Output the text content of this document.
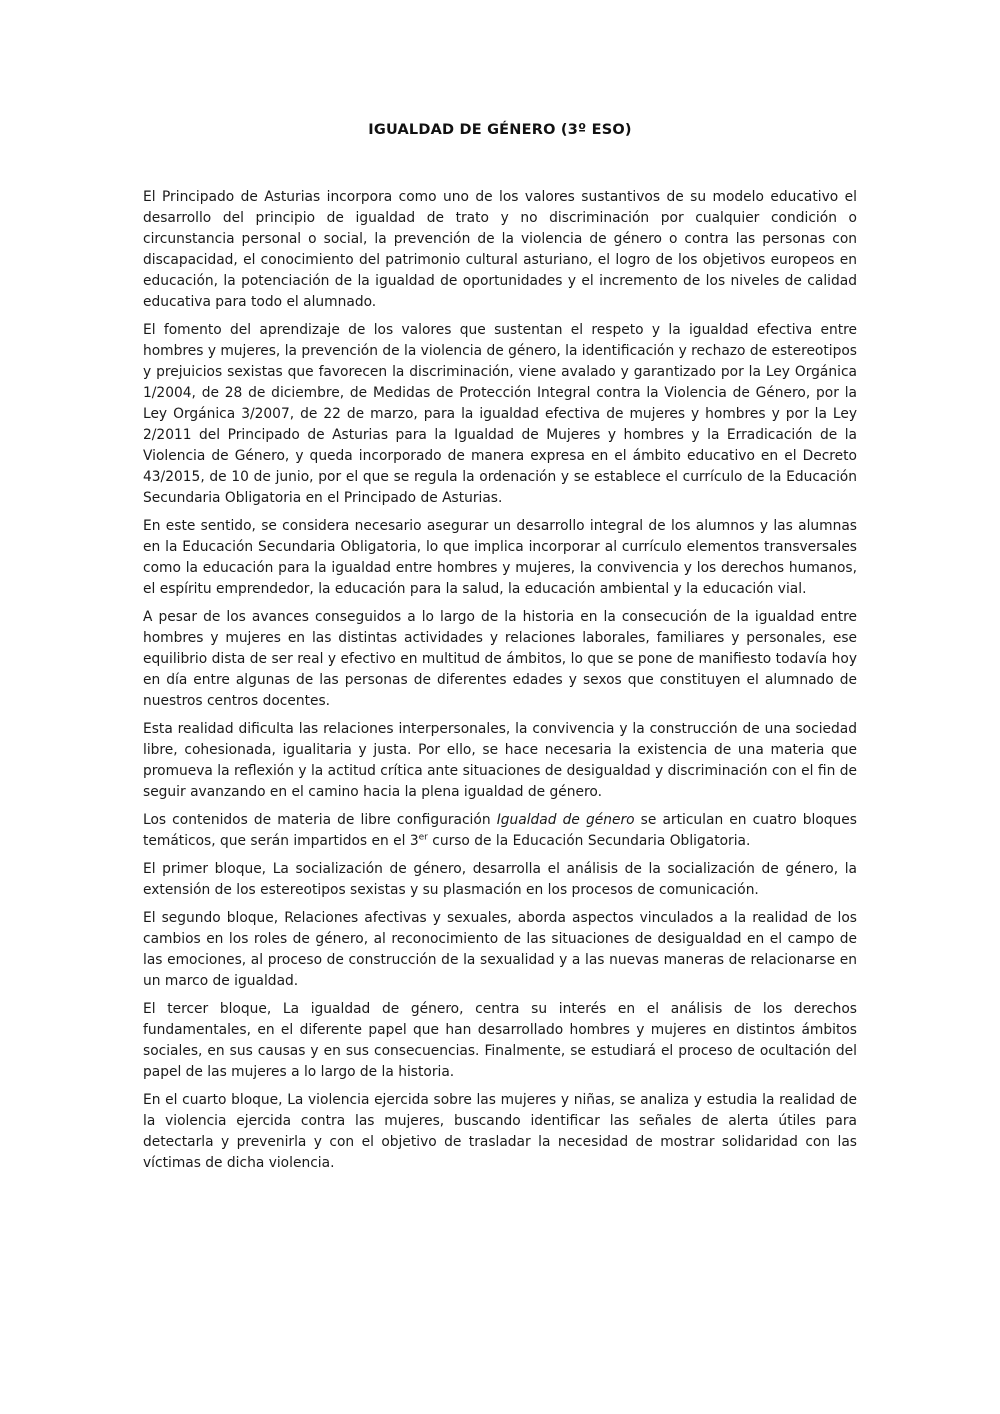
IGUALDAD DE GÉNERO (3º ESO)

El Principado de Asturias incorpora como uno de los valores sustantivos de su modelo educativo el desarrollo del principio de igualdad de trato y no discriminación por cualquier condición o circunstancia personal o social, la prevención de la violencia de género o contra las personas con discapacidad, el conocimiento del patrimonio cultural asturiano, el logro de los objetivos europeos en educación, la potenciación de la igualdad de oportunidades y el incremento de los niveles de calidad educativa para todo el alumnado.

El fomento del aprendizaje de los valores que sustentan el respeto y la igualdad efectiva entre hombres y mujeres, la prevención de la violencia de género, la identificación y rechazo de estereotipos y prejuicios sexistas que favorecen la discriminación, viene avalado y garantizado por la Ley Orgánica 1/2004, de 28 de diciembre, de Medidas de Protección Integral contra la Violencia de Género, por la Ley Orgánica 3/2007, de 22 de marzo, para la igualdad efectiva de mujeres y hombres y por la Ley 2/2011 del Principado de Asturias para la Igualdad de Mujeres y hombres y la Erradicación de la Violencia de Género, y queda incorporado de manera expresa en el ámbito educativo en el Decreto 43/2015, de 10 de junio, por el que se regula la ordenación y se establece el currículo de la Educación Secundaria Obligatoria en el Principado de Asturias.

En este sentido, se considera necesario asegurar un desarrollo integral de los alumnos y las alumnas en la Educación Secundaria Obligatoria, lo que implica incorporar al currículo elementos transversales como la educación para la igualdad entre hombres y mujeres, la convivencia y los derechos humanos, el espíritu emprendedor, la educación para la salud, la educación ambiental y la educación vial.

A pesar de los avances conseguidos a lo largo de la historia en la consecución de la igualdad entre hombres y mujeres en las distintas actividades y relaciones laborales, familiares y personales, ese equilibrio dista de ser real y efectivo en multitud de ámbitos, lo que se pone de manifiesto todavía hoy en día entre algunas de las personas de diferentes edades y sexos que constituyen el alumnado de nuestros centros docentes.

Esta realidad dificulta las relaciones interpersonales, la convivencia y la construcción de una sociedad libre, cohesionada, igualitaria y justa. Por ello, se hace necesaria la existencia de una materia que promueva la reflexión y la actitud crítica ante situaciones de desigualdad y discriminación con el fin de seguir avanzando en el camino hacia la plena igualdad de género.

Los contenidos de materia de libre configuración Igualdad de género se articulan en cuatro bloques temáticos, que serán impartidos en el 3er curso de la Educación Secundaria Obligatoria.

El primer bloque, La socialización de género, desarrolla el análisis de la socialización de género, la extensión de los estereotipos sexistas y su plasmación en los procesos de comunicación.

El segundo bloque, Relaciones afectivas y sexuales, aborda aspectos vinculados a la realidad de los cambios en los roles de género, al reconocimiento de las situaciones de desigualdad en el campo de las emociones, al proceso de construcción de la sexualidad y a las nuevas maneras de relacionarse en un marco de igualdad.

El tercer bloque, La igualdad de género, centra su interés en el análisis de los derechos fundamentales, en el diferente papel que han desarrollado hombres y mujeres en distintos ámbitos sociales, en sus causas y en sus consecuencias. Finalmente, se estudiará el proceso de ocultación del papel de las mujeres a lo largo de la historia.

En el cuarto bloque, La violencia ejercida sobre las mujeres y niñas, se analiza y estudia la realidad de la violencia ejercida contra las mujeres, buscando identificar las señales de alerta útiles para detectarla y prevenirla y con el objetivo de trasladar la necesidad de mostrar solidaridad con las víctimas de dicha violencia.
